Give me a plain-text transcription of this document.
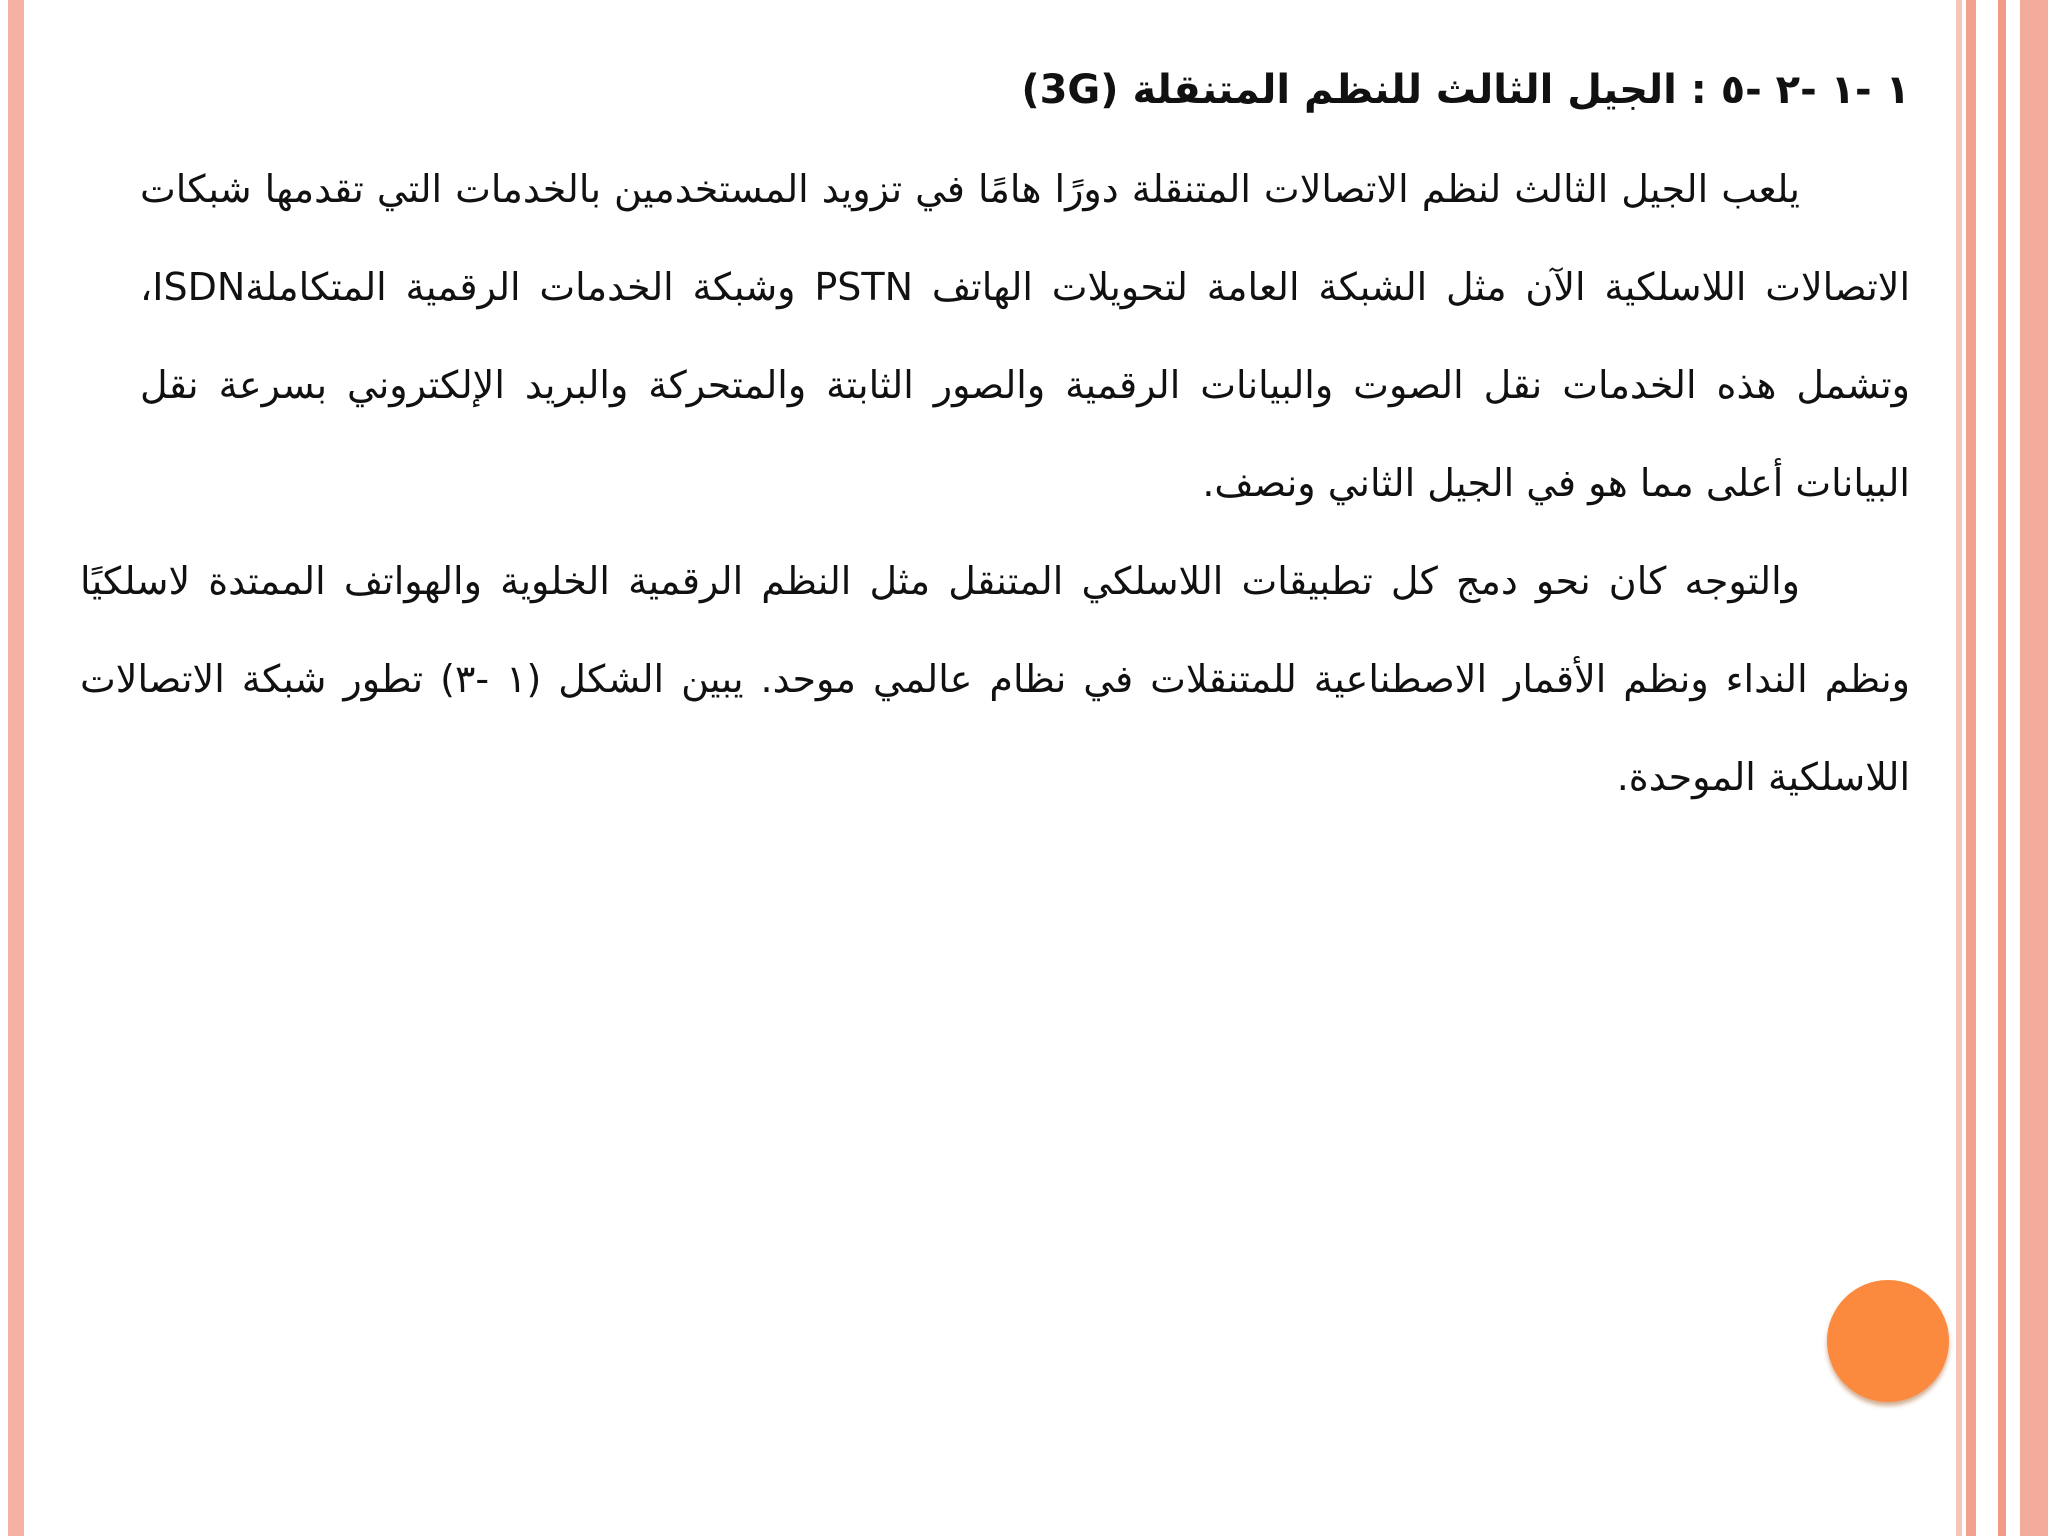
١ -١ -٢ -٥ : الجيل الثالث للنظم المتنقلة (3G)

يلعب الجيل الثالث لنظم الاتصالات المتنقلة دورًا هامًا في تزويد المستخدمين بالخدمات التي تقدمها شبكات الاتصالات اللاسلكية الآن مثل الشبكة العامة لتحويلات الهاتف PSTN وشبكة الخدمات الرقمية المتكاملةISDN، وتشمل هذه الخدمات نقل الصوت والبيانات الرقمية والصور الثابتة والمتحركة والبريد الإلكتروني بسرعة نقل البيانات أعلى مما هو في الجيل الثاني ونصف.

والتوجه كان نحو دمج كل تطبيقات اللاسلكي المتنقل مثل النظم الرقمية الخلوية والهواتف الممتدة لاسلكيًا ونظم النداء ونظم الأقمار الاصطناعية للمتنقلات في نظام عالمي موحد. يبين الشكل (١ -٣) تطور شبكة الاتصالات اللاسلكية الموحدة.
